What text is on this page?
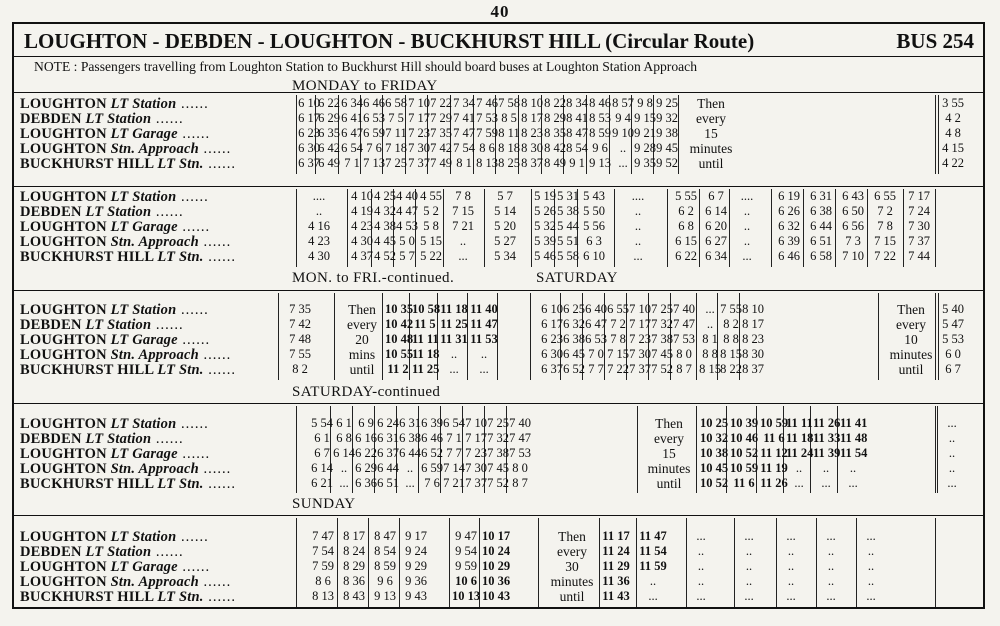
40
LOUGHTON - DEBDEN - LOUGHTON - BUCKHURST HILL (Circular Route)	BUS 254
NOTE : Passengers travelling from Loughton Station to Buckhurst Hill should board buses at Loughton Station Approach
MONDAY to FRIDAY
LOUGHTON LT Station ......
DEBDEN LT Station ......
LOUGHTON LT Garage ......
LOUGHTON Stn. Approach ......
BUCKHURST HILL LT Stn. ......
6 10
6 17
6 23
6 30
6 37
6 22
6 29
6 35
6 42
6 49
6 34
6 41
6 47
6 54
7 1
6 46
6 53
6 59
7 6
7 13
6 58
7 5
7 11
7 18
7 25
7 10
7 17
7 23
7 30
7 37
7 22
7 29
7 35
7 42
7 49
7 34
7 41
7 47
7 54
8 1
7 46
7 53
7 59
8 6
8 13
7 58
8 5
8 11
8 18
8 25
8 10
8 17
8 23
8 30
8 37
8 22
8 29
8 35
8 42
8 49
8 34
8 41
8 47
8 54
9 1
8 46
8 53
8 59
9 6
9 13
8 57
9 4
9 10
..
...
9 8
9 15
9 21
9 28
9 35
9 25
9 32
9 38
9 45
9 52
Then
every
15
minutes
until
3 55
4 2
4 8
4 15
4 22
LOUGHTON LT Station ......
DEBDEN LT Station ......
LOUGHTON LT Garage ......
LOUGHTON Stn. Approach ......
BUCKHURST HILL LT Stn. ......
....
..
4 16
4 23
4 30
4 10
4 19
4 23
4 30
4 37
4 25
4 32
4 38
4 45
4 52
4 40
4 47
4 53
5 0
5 7
4 55
5 2
5 8
5 15
5 22
7 8
7 15
7 21
..
...
5 7
5 14
5 20
5 27
5 34
5 19
5 26
5 32
5 39
5 46
5 31
5 38
5 44
5 51
5 58
5 43
5 50
5 56
6 3
6 10
....
..
..
..
...
5 55
6 2
6 8
6 15
6 22
6 7
6 14
6 20
6 27
6 34
....
..
..
..
...
6 19
6 26
6 32
6 39
6 46
6 31
6 38
6 44
6 51
6 58
6 43
6 50
6 56
7 3
7 10
6 55
7 2
7 8
7 15
7 22
7 17
7 24
7 30
7 37
7 44
MON. to FRI.-continued.
LOUGHTON LT Station ......
DEBDEN LT Station ......
LOUGHTON LT Garage ......
LOUGHTON Stn. Approach ......
BUCKHURST HILL LT Stn. ......
7 35
7 42
7 48
7 55
8 2
Then
every
20
mins
until
10 35
10 42
10 48
10 55
11 2
10 58
11 5
11 11
11 18
11 25
11 18
11 25
11 31
..
...
11 40
11 47
11 53
..
...
SATURDAY
6 10
6 17
6 23
6 30
6 37
6 25
6 32
6 38
6 45
6 52
6 40
6 47
6 53
7 0
7 7
6 55
7 2
7 8
7 15
7 22
7 10
7 17
7 23
7 30
7 37
7 25
7 32
7 38
7 45
7 52
7 40
7 47
7 53
8 0
8 7
...
..
8 1
8 8
8 15
7 55
8 2
8 8
8 15
8 22
8 10
8 17
8 23
8 30
8 37
Then
every
10
minutes
until
5 40
5 47
5 53
6 0
6 7
SATURDAY-continued
LOUGHTON LT Station ......
DEBDEN LT Station ......
LOUGHTON LT Garage ......
LOUGHTON Stn. Approach ......
BUCKHURST HILL LT Stn. ......
5 54
6 1
6 7
6 14
6 21
6 1
6 8
6 14
..
...
6 9
6 16
6 22
6 29
6 36
6 24
6 31
6 37
6 44
6 51
6 31
6 38
6 44
..
...
6 39
6 46
6 52
6 59
7 6
6 54
7 1
7 7
7 14
7 21
7 10
7 17
7 23
7 30
7 37
7 25
7 32
7 38
7 45
7 52
7 40
7 47
7 53
8 0
8 7
Then
every
15
minutes
until
10 25
10 32
10 38
10 45
10 52
10 39
10 46
10 52
10 59
11 6
10 59
11 6
11 12
11 19
11 26
11 11
11 18
11 24
..
...
11 26
11 33
11 39
..
...
11 41
11 48
11 54
..
...
...
..
..
..
...
SUNDAY
LOUGHTON LT Station ......
DEBDEN LT Station ......
LOUGHTON LT Garage ......
LOUGHTON Stn. Approach ......
BUCKHURST HILL LT Stn. ......
7 47
7 54
7 59
8 6
8 13
8 17
8 24
8 29
8 36
8 43
8 47
8 54
8 59
9 6
9 13
9 17
9 24
9 29
9 36
9 43
9 47
9 54
9 59
10 6
10 13
10 17
10 24
10 29
10 36
10 43
Then
every
30
minutes
until
11 17
11 24
11 29
11 36
11 43
11 47
11 54
11 59
..
...
...
..
..
..
...
...
..
..
..
...
...
..
..
..
...
...
..
..
..
...
...
..
..
..
...
